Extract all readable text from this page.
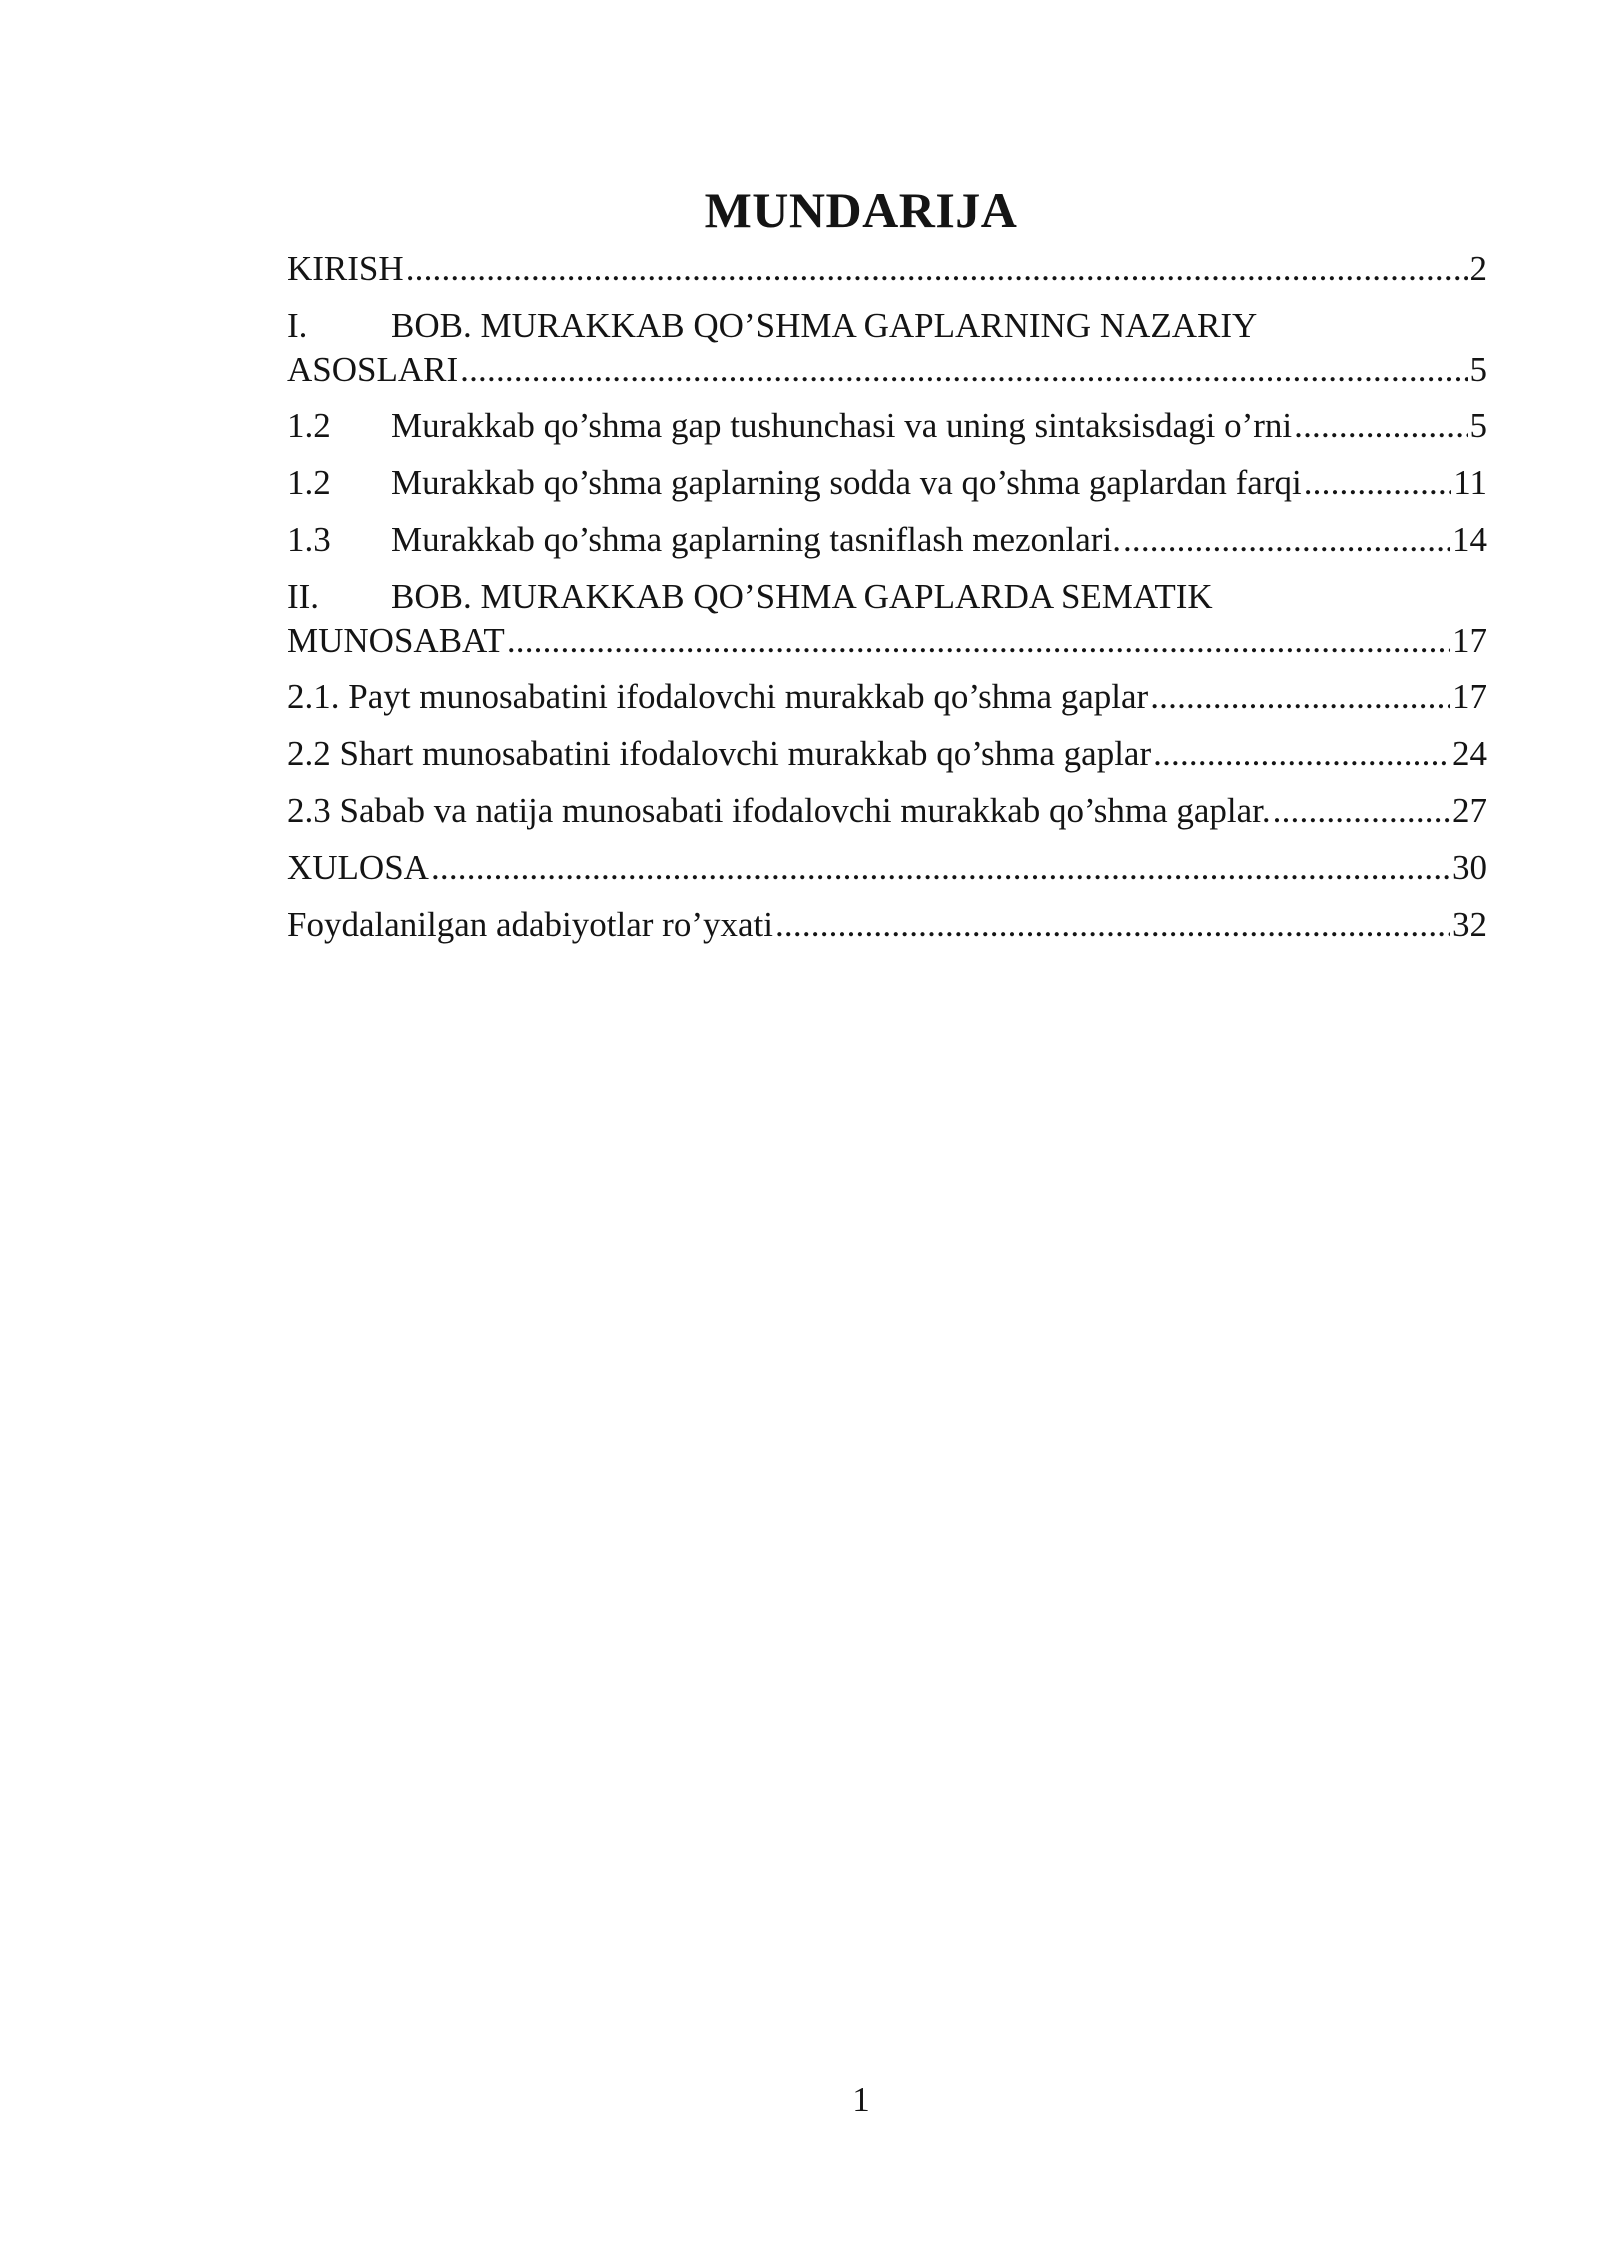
MUNDARIJA
KIRISH .....	2
I.	BOB. MURAKKAB QO’SHMA GAPLARNING NAZARIY
ASOSLARI .....	5
1.2	Murakkab qo’shma gap tushunchasi va uning sintaksisdagi o’rni .....	5
1.2	Murakkab qo’shma gaplarning sodda va qo’shma gaplardan farqi .....	11
1.3	Murakkab qo’shma gaplarning tasniflash mezonlari. .....	14
II.	BOB. MURAKKAB QO’SHMA GAPLARDA SEMATIK
MUNOSABAT .....	17
2.1. Payt munosabatini ifodalovchi murakkab qo’shma gaplar .....	17
2.2 Shart munosabatini ifodalovchi murakkab qo’shma gaplar .....	24
2.3 Sabab va natija munosabati ifodalovchi murakkab qo’shma gaplar. .....	27
XULOSA .....	30
Foydalanilgan adabiyotlar ro’yxati .....	32
1
